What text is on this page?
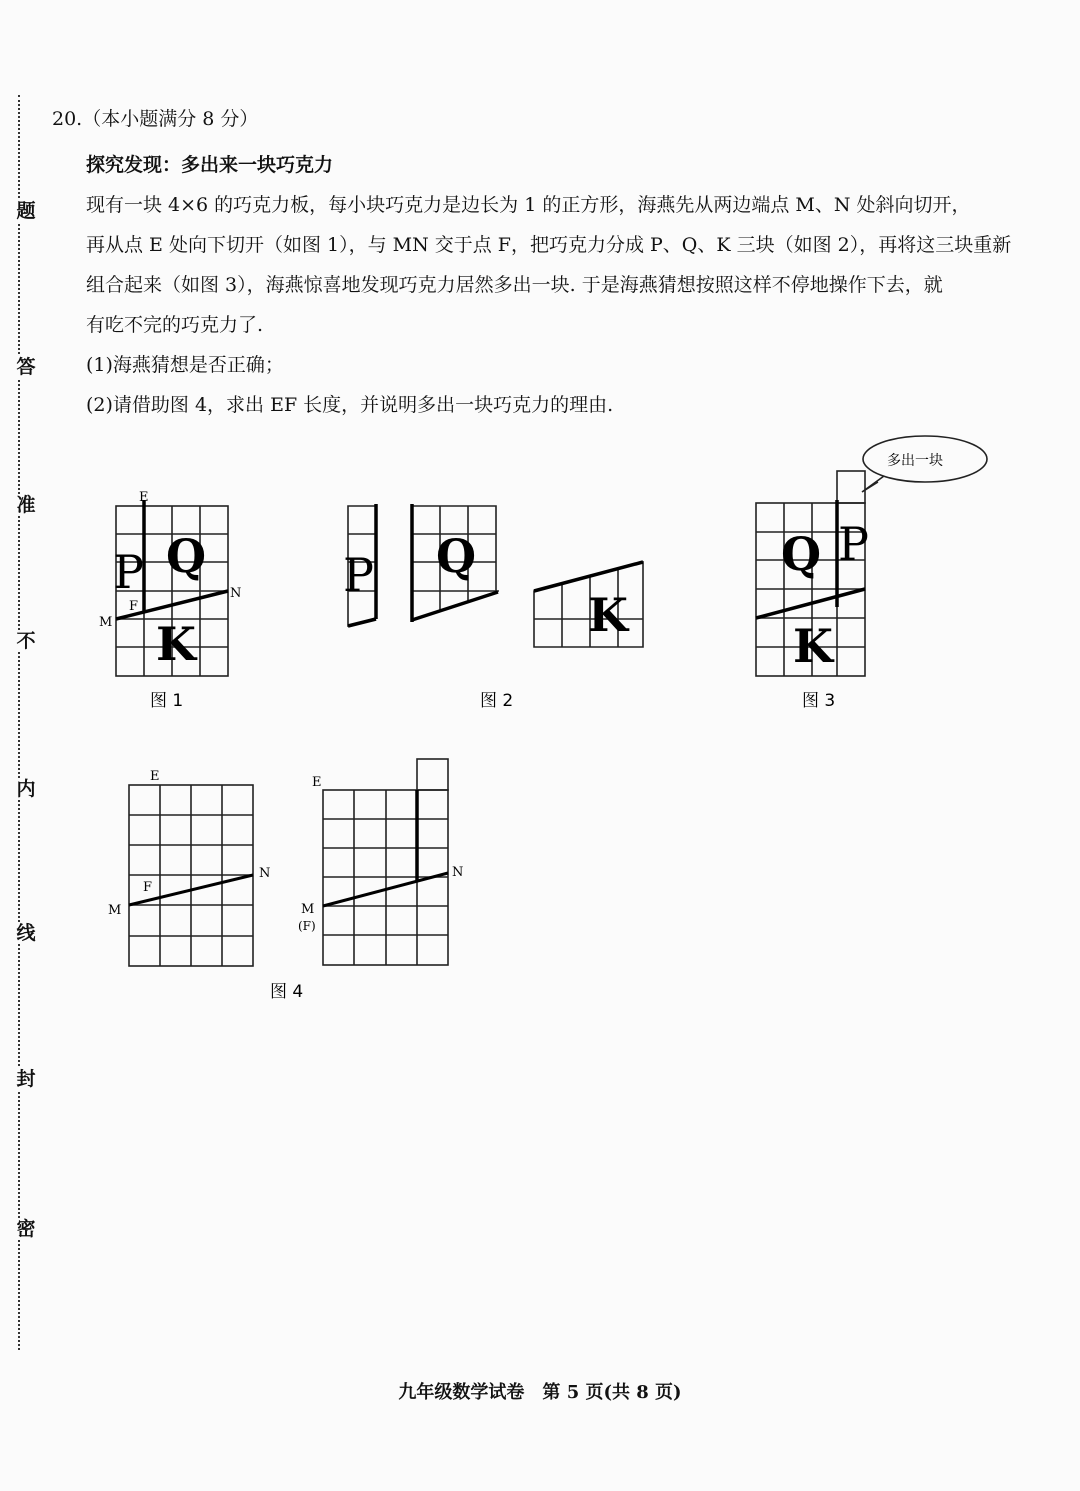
题
答
准
不
内
线
封
密

20.（本小题满分 8 分）

探究发现：多出来一块巧克力

现有一块 4×6 的巧克力板，每小块巧克力是边长为 1 的正方形，海燕先从两边端点 M、N 处斜向切开，

再从点 E 处向下切开（如图 1），与 MN 交于点 F，把巧克力分成 P、Q、K 三块（如图 2），再将这三块重新

组合起来（如图 3），海燕惊喜地发现巧克力居然多出一块. 于是海燕猜想按照这样不停地操作下去，就

有吃不完的巧克力了.

(1)海燕猜想是否正确；

(2)请借助图 4，求出 EF 长度，并说明多出一块巧克力的理由.

E
F
M
N
P Q
K
图 1
P Q
K
图 2
Q P
K
多出一块
图 3
E
F
M
N
E
M
(F)
N
图 4
九年级数学试卷　第 5 页(共 8 页)
